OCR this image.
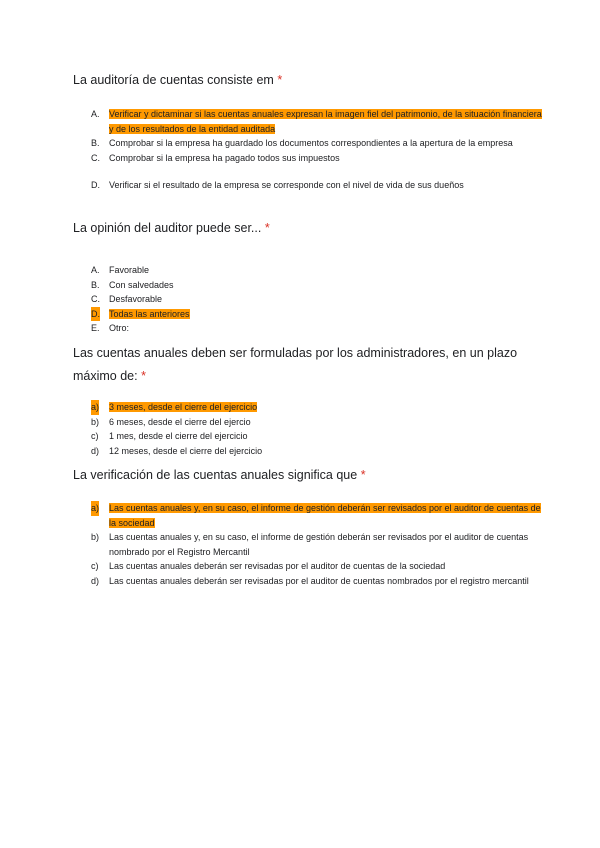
La auditoría de cuentas consiste em *

A. Verificar y dictaminar si las cuentas anuales expresan la imagen fiel del patrimonio, de la situación financiera y de los resultados de la entidad auditada
B. Comprobar si la empresa ha guardado los documentos correspondientes a la apertura de la empresa
C. Comprobar si la empresa ha pagado todos sus impuestos
D. Verificar si el resultado de la empresa se corresponde con el nivel de vida de sus dueños

La opinión del auditor puede ser... *

A. Favorable
B. Con salvedades
C. Desfavorable
D. Todas las anteriores
E. Otro:

Las cuentas anuales deben ser formuladas por los administradores, en un plazo máximo de: *

a) 3 meses, desde el cierre del ejercicio
b) 6 meses, desde el cierre del ejercio
c) 1 mes, desde el cierre del ejercicio
d) 12 meses, desde el cierre del ejercicio

La verificación de las cuentas anuales significa que *

a) Las cuentas anuales y, en su caso, el informe de gestión deberán ser revisados por el auditor de cuentas de la sociedad
b) Las cuentas anuales y, en su caso, el informe de gestión deberán ser revisados por el auditor de cuentas nombrado por el Registro Mercantil
c) Las cuentas anuales deberán ser revisadas por el auditor de cuentas de la sociedad
d) Las cuentas anuales deberán ser revisadas por el auditor de cuentas nombrados por el registro mercantil
